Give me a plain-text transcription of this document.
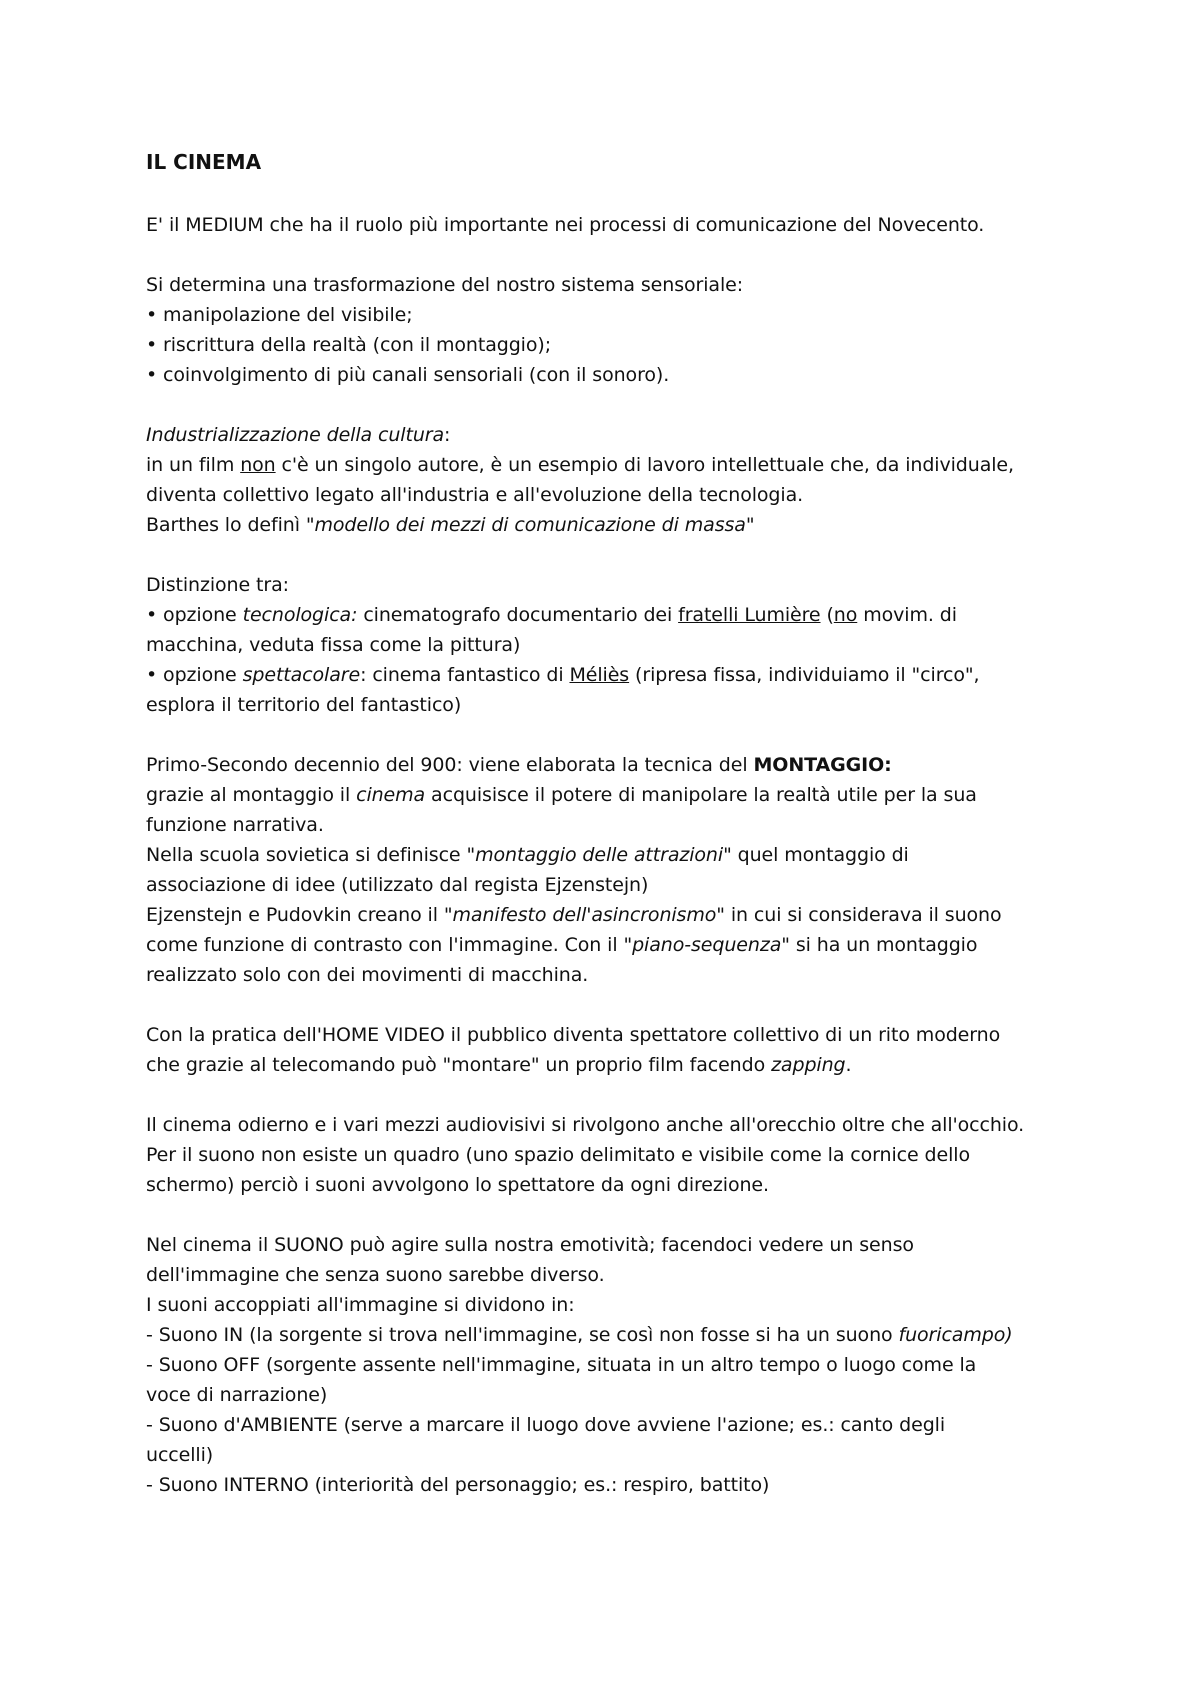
IL CINEMA
E' il MEDIUM che ha il ruolo più importante nei processi di comunicazione del Novecento.
Si determina una trasformazione del nostro sistema sensoriale:
• manipolazione del visibile;
• riscrittura della realtà (con il montaggio);
• coinvolgimento di più canali sensoriali (con il sonoro).
Industrializzazione della cultura:
in un film non c'è un singolo autore, è un esempio di lavoro intellettuale che, da individuale,
diventa collettivo legato all'industria e all'evoluzione della tecnologia.
Barthes lo definì "modello dei mezzi di comunicazione di massa"
Distinzione tra:
• opzione tecnologica: cinematografo documentario dei fratelli Lumière (no movim. di
macchina, veduta fissa come la pittura)
• opzione spettacolare: cinema fantastico di Méliès (ripresa fissa, individuiamo il "circo",
esplora il territorio del fantastico)
Primo-Secondo decennio del 900: viene elaborata la tecnica del MONTAGGIO:
grazie al montaggio il cinema acquisisce il potere di manipolare la realtà utile per la sua
funzione narrativa.
Nella scuola sovietica si definisce "montaggio delle attrazioni" quel montaggio di
associazione di idee (utilizzato dal regista Ejzenstejn)
Ejzenstejn e Pudovkin creano il "manifesto dell'asincronismo" in cui si considerava il suono
come funzione di contrasto con l'immagine. Con il "piano-sequenza" si ha un montaggio
realizzato solo con dei movimenti di macchina.
Con la pratica dell'HOME VIDEO il pubblico diventa spettatore collettivo di un rito moderno
che grazie al telecomando può "montare" un proprio film facendo zapping.
Il cinema odierno e i vari mezzi audiovisivi si rivolgono anche all'orecchio oltre che all'occhio.
Per il suono non esiste un quadro (uno spazio delimitato e visibile come la cornice dello
schermo) perciò i suoni avvolgono lo spettatore da ogni direzione.
Nel cinema il SUONO può agire sulla nostra emotività; facendoci vedere un senso
dell'immagine che senza suono sarebbe diverso.
I suoni accoppiati all'immagine si dividono in:
- Suono IN (la sorgente si trova nell'immagine, se così non fosse si ha un suono fuoricampo)
- Suono OFF (sorgente assente nell'immagine, situata in un altro tempo o luogo come la
voce di narrazione)
- Suono d'AMBIENTE (serve a marcare il luogo dove avviene l'azione; es.: canto degli
uccelli)
- Suono INTERNO (interiorità del personaggio; es.: respiro, battito)
